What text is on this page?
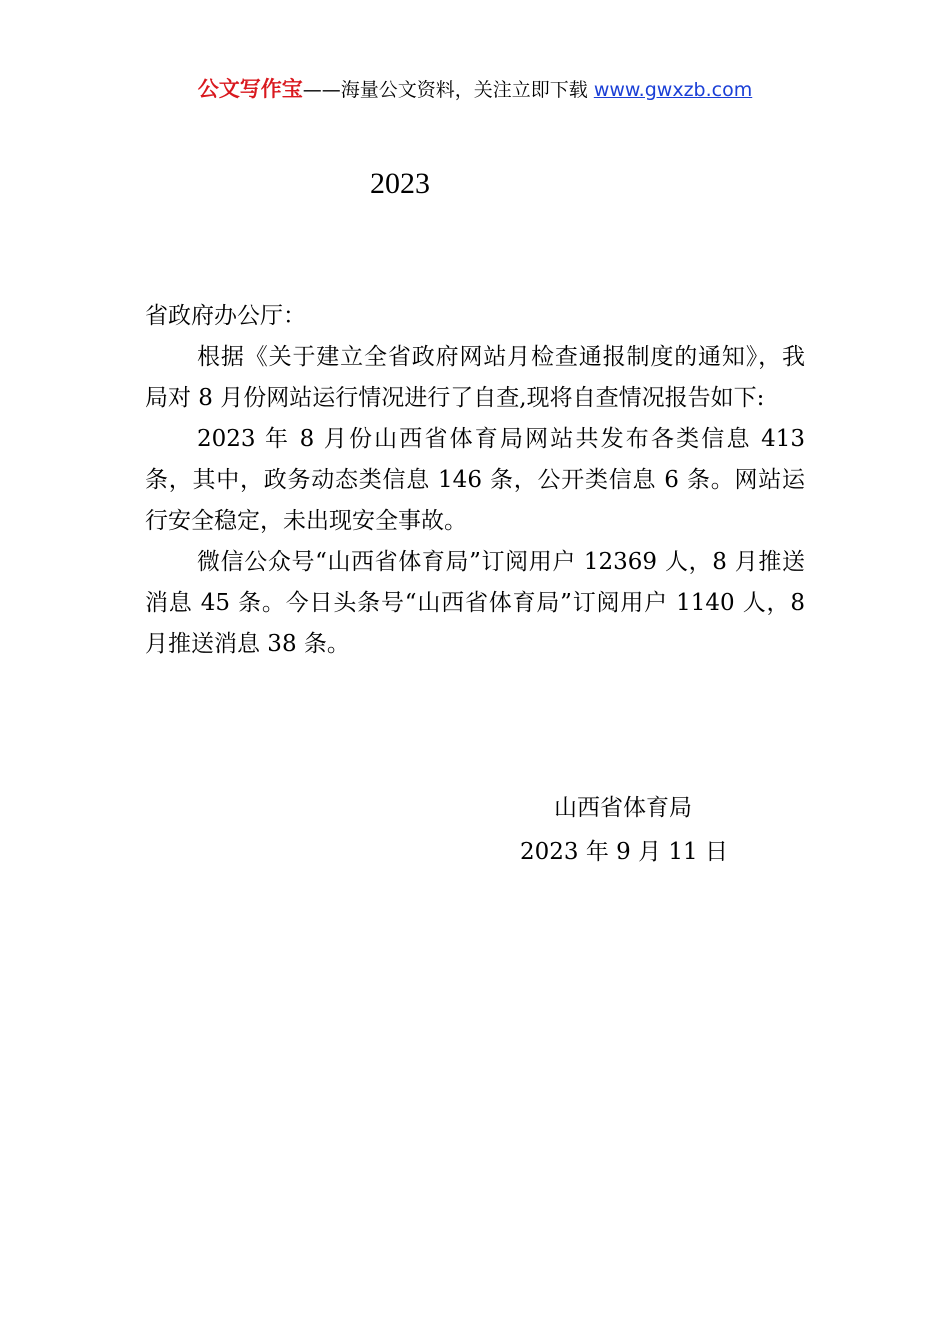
公文写作宝——海量公文资料，关注立即下载 www.gwxzb.com
2023

省政府办公厅：

根据《关于建立全省政府网站月检查通报制度的通知》，我局对 8 月份网站运行情况进行了自查,现将自查情况报告如下:

2023 年 8 月份山西省体育局网站共发布各类信息 413 条，其中，政务动态类信息 146 条，公开类信息 6 条。网站运行安全稳定，未出现安全事故。

微信公众号“山西省体育局”订阅用户 12369 人，8 月推送消息 45 条。今日头条号“山西省体育局”订阅用户 1140 人，8 月推送消息 38 条。

山西省体育局
2023 年 9 月 11 日
